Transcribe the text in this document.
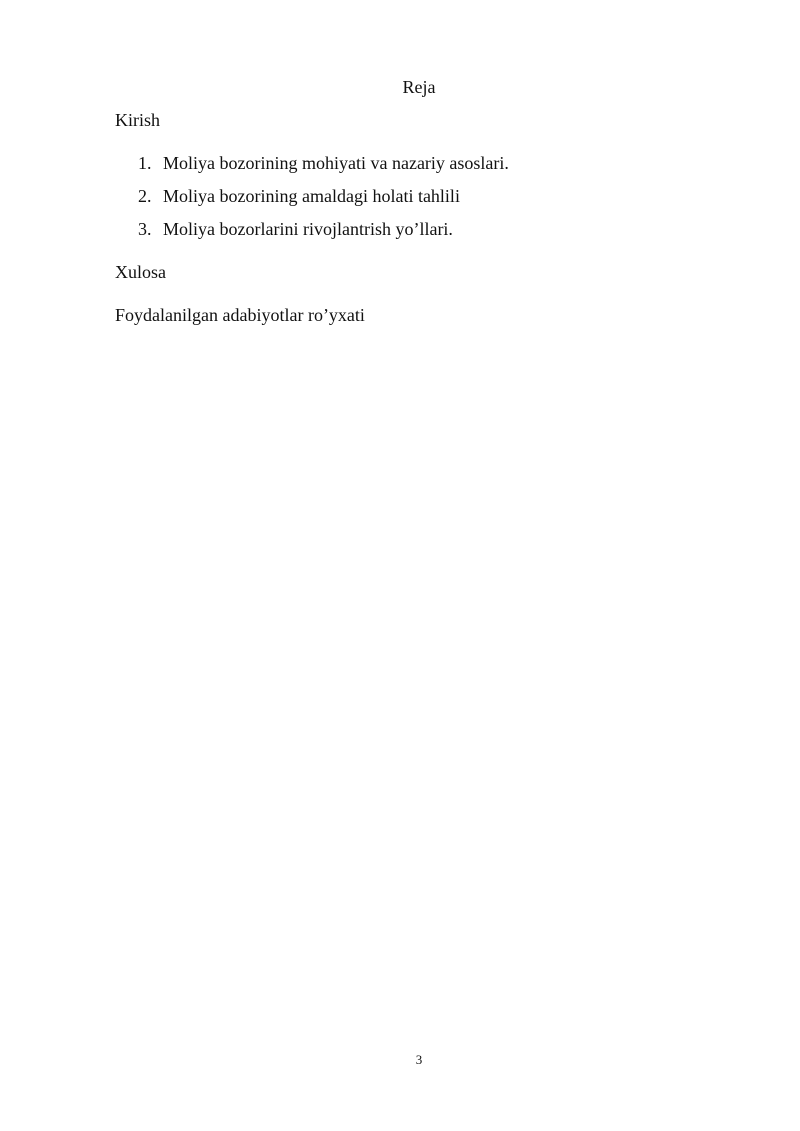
Reja
Kirish
1. Moliya bozorining mohiyati va nazariy asoslari.
2. Moliya bozorining amaldagi holati tahlili
3. Moliya bozorlarini rivojlantrish yo’llari.
Xulosa
Foydalanilgan adabiyotlar ro’yxati
3
